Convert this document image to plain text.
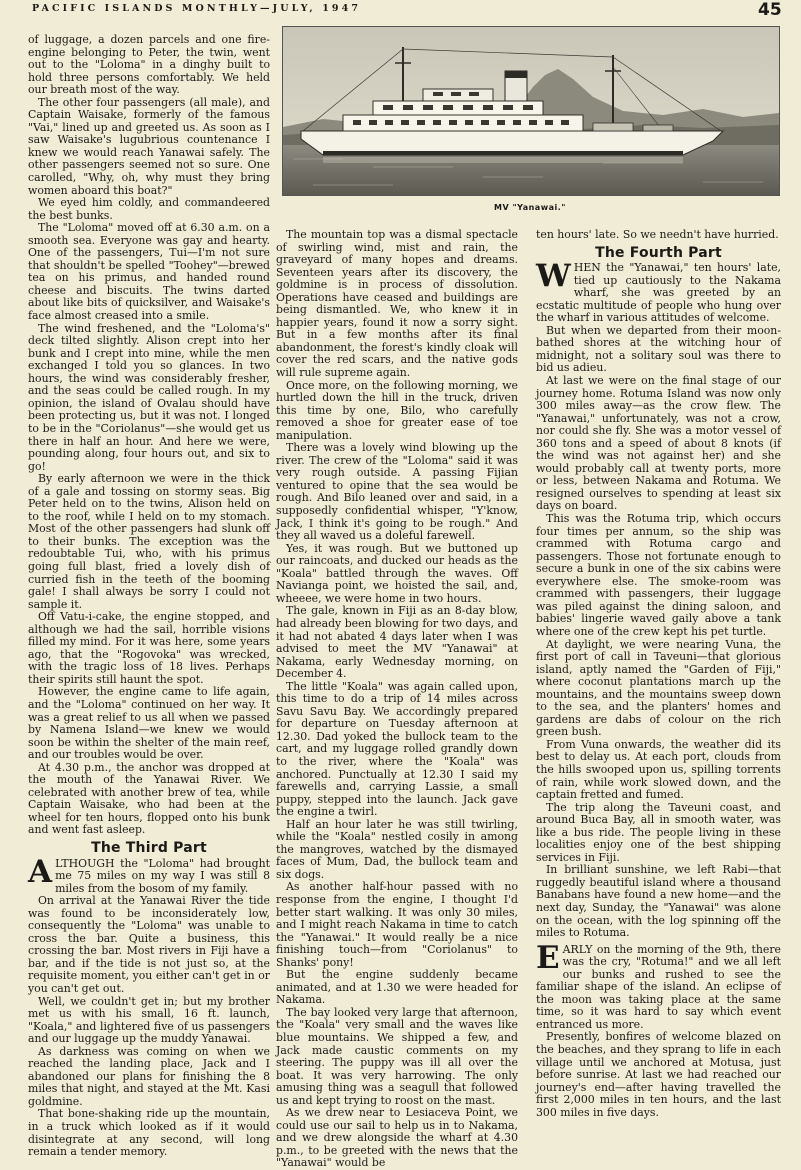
PACIFIC ISLANDS MONTHLY—JULY, 1947	45
MV "Yanawai."

of luggage, a dozen parcels and one fire-engine belonging to Peter, the twin, went out to the "Loloma" in a dinghy built to hold three persons comfortably. We held our breath most of the way.

The other four passengers (all male), and Captain Waisake, formerly of the famous "Vai," lined up and greeted us. As soon as I saw Waisake's lugubrious countenance I knew we would reach Yanawai safely. The other passengers seemed not so sure. One carolled, "Why, oh, why must they bring women aboard this boat?"

We eyed him coldly, and commandeered the best bunks.

The "Loloma" moved off at 6.30 a.m. on a smooth sea. Everyone was gay and hearty. One of the passengers, Tui—I'm not sure that shouldn't be spelled "Toohey"—brewed tea on his primus, and handed round cheese and biscuits. The twins darted about like bits of quicksilver, and Waisake's face almost creased into a smile.

The wind freshened, and the "Loloma's" deck tilted slightly. Alison crept into her bunk and I crept into mine, while the men exchanged I told you so glances. In two hours, the wind was considerably fresher, and the seas could be called rough. In my opinion, the island of Ovalau should have been protecting us, but it was not. I longed to be in the "Coriolanus"—she would get us there in half an hour. And here we were, pounding along, four hours out, and six to go!

By early afternoon we were in the thick of a gale and tossing on stormy seas. Big Peter held on to the twins, Alison held on to the roof, while I held on to my stomach. Most of the other passengers had slunk off to their bunks. The exception was the redoubtable Tui, who, with his primus going full blast, fried a lovely dish of curried fish in the teeth of the booming gale! I shall always be sorry I could not sample it.

Off Vatu-i-cake, the engine stopped, and although we had the sail, horrible visions filled my mind. For it was here, some years ago, that the "Rogovoka" was wrecked, with the tragic loss of 18 lives. Perhaps their spirits still haunt the spot.

However, the engine came to life again, and the "Loloma" continued on her way. It was a great relief to us all when we passed by Namena Island—we knew we would soon be within the shelter of the main reef, and our troubles would be over.

At 4.30 p.m., the anchor was dropped at the mouth of the Yanawai River. We celebrated with another brew of tea, while Captain Waisake, who had been at the wheel for ten hours, flopped onto his bunk and went fast asleep.

The Third Part

ALTHOUGH the "Loloma" had brought me 75 miles on my way I was still 8 miles from the bosom of my family.

On arrival at the Yanawai River the tide was found to be inconsiderately low, consequently the "Loloma" was unable to cross the bar. Quite a business, this crossing the bar. Most rivers in Fiji have a bar, and if the tide is not just so, at the requisite moment, you either can't get in or you can't get out.

Well, we couldn't get in; but my brother met us with his small, 16 ft. launch, "Koala," and lightered five of us passengers and our luggage up the muddy Yanawai.

As darkness was coming on when we reached the landing place, Jack and I abandoned our plans for finishing the 8 miles that night, and stayed at the Mt. Kasi goldmine.

That bone-shaking ride up the mountain, in a truck which looked as if it would disintegrate at any second, will long remain a tender memory.

The mountain top was a dismal spectacle of swirling wind, mist and rain, the graveyard of many hopes and dreams. Seventeen years after its discovery, the goldmine is in process of dissolution. Operations have ceased and buildings are being dismantled. We, who knew it in happier years, found it now a sorry sight. But in a few months after its final abandonment, the forest's kindly cloak will cover the red scars, and the native gods will rule supreme again.

Once more, on the following morning, we hurtled down the hill in the truck, driven this time by one, Bilo, who carefully removed a shoe for greater ease of toe manipulation.

There was a lovely wind blowing up the river. The crew of the "Loloma" said it was very rough outside. A passing Fijian ventured to opine that the sea would be rough. And Bilo leaned over and said, in a supposedly confidential whisper, "Y'know, Jack, I think it's going to be rough." And they all waved us a doleful farewell.

Yes, it was rough. But we buttoned up our raincoats, and ducked our heads as the "Koala" battled through the waves. Off Navianga point, we hoisted the sail, and, wheeee, we were home in two hours.

The gale, known in Fiji as an 8-day blow, had already been blowing for two days, and it had not abated 4 days later when I was advised to meet the MV "Yanawai" at Nakama, early Wednesday morning, on December 4.

The little "Koala" was again called upon, this time to do a trip of 14 miles across Savu Savu Bay. We accordingly prepared for departure on Tuesday afternoon at 12.30. Dad yoked the bullock team to the cart, and my luggage rolled grandly down to the river, where the "Koala" was anchored. Punctually at 12.30 I said my farewells and, carrying Lassie, a small puppy, stepped into the launch. Jack gave the engine a twirl.

Half an hour later he was still twirling, while the "Koala" nestled cosily in among the mangroves, watched by the dismayed faces of Mum, Dad, the bullock team and six dogs.

As another half-hour passed with no response from the engine, I thought I'd better start walking. It was only 30 miles, and I might reach Nakama in time to catch the "Yanawai." It would really be a nice finishing touch—from "Coriolanus" to Shanks' pony!

But the engine suddenly became animated, and at 1.30 we were headed for Nakama.

The bay looked very large that afternoon, the "Koala" very small and the waves like blue mountains. We shipped a few, and Jack made caustic comments on my steering. The puppy was ill all over the boat. It was very harrowing. The only amusing thing was a seagull that followed us and kept trying to roost on the mast.

As we drew near to Lesiaceva Point, we could use our sail to help us in to Nakama, and we drew alongside the wharf at 4.30 p.m., to be greeted with the news that the "Yanawai" would be

ten hours' late. So we needn't have hurried.

The Fourth Part

WHEN the "Yanawai," ten hours' late, tied up cautiously to the Nakama wharf, she was greeted by an ecstatic multitude of people who hung over the wharf in various attitudes of welcome.

But when we departed from their moon-bathed shores at the witching hour of midnight, not a solitary soul was there to bid us adieu.

At last we were on the final stage of our journey home. Rotuma Island was now only 300 miles away—as the crow flew. The "Yanawai," unfortunately, was not a crow, nor could she fly. She was a motor vessel of 360 tons and a speed of about 8 knots (if the wind was not against her) and she would probably call at twenty ports, more or less, between Nakama and Rotuma. We resigned ourselves to spending at least six days on board.

This was the Rotuma trip, which occurs four times per annum, so the ship was crammed with Rotuma cargo and passengers. Those not fortunate enough to secure a bunk in one of the six cabins were everywhere else. The smoke-room was crammed with passengers, their luggage was piled against the dining saloon, and babies' lingerie waved gaily above a tank where one of the crew kept his pet turtle.

At daylight, we were nearing Vuna, the first port of call in Taveuni—that glorious island, aptly named the "Garden of Fiji," where coconut plantations march up the mountains, and the mountains sweep down to the sea, and the planters' homes and gardens are dabs of colour on the rich green bush.

From Vuna onwards, the weather did its best to delay us. At each port, clouds from the hills swooped upon us, spilling torrents of rain, while work slowed down, and the captain fretted and fumed.

The trip along the Taveuni coast, and around Buca Bay, all in smooth water, was like a bus ride. The people living in these localities enjoy one of the best shipping services in Fiji.

In brilliant sunshine, we left Rabi—that ruggedly beautiful island where a thousand Banabans have found a new home—and the next day, Sunday, the "Yanawai" was alone on the ocean, with the log spinning off the miles to Rotuma.

EARLY on the morning of the 9th, there was the cry, "Rotuma!" and we all left our bunks and rushed to see the familiar shape of the island. An eclipse of the moon was taking place at the same time, so it was hard to say which event entranced us more.

Presently, bonfires of welcome blazed on the beaches, and they sprang to life in each village until we anchored at Motusa, just before sunrise. At last we had reached our journey's end—after having travelled the first 2,000 miles in ten hours, and the last 300 miles in five days.
